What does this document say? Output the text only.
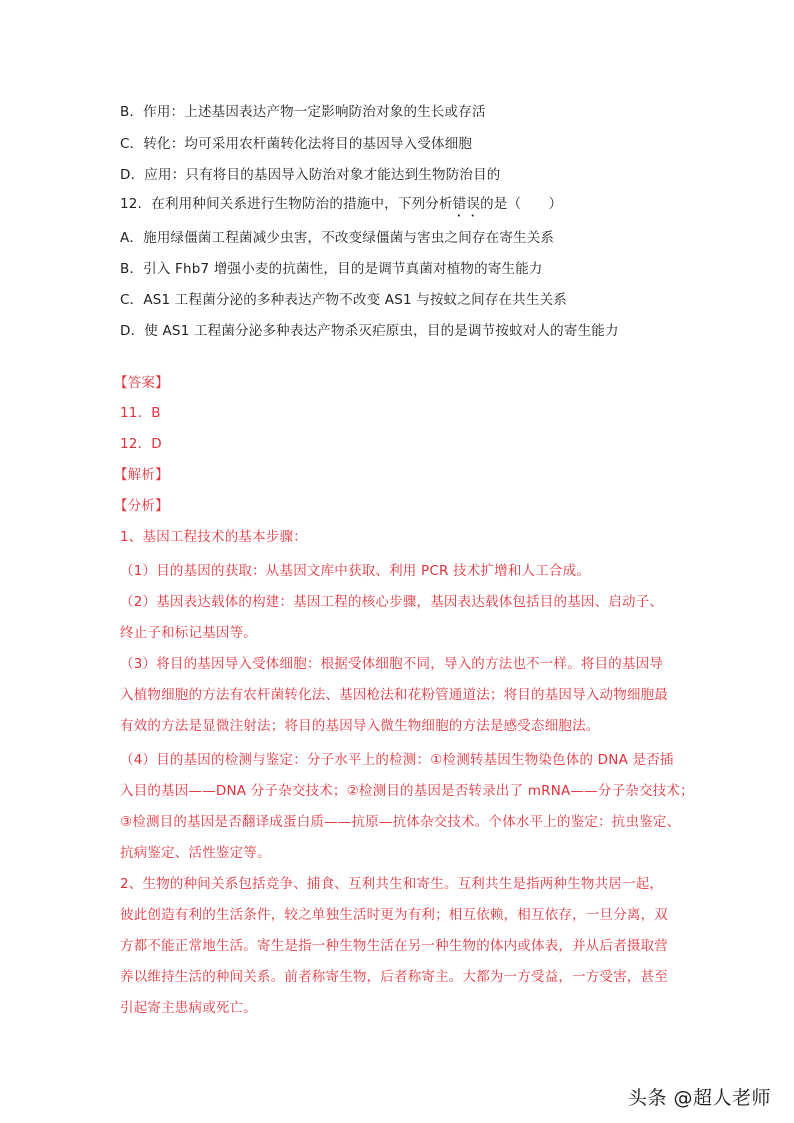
B．作用：上述基因表达产物一定影响防治对象的生长或存活
C．转化：均可采用农杆菌转化法将目的基因导入受体细胞
D．应用：只有将目的基因导入防治对象才能达到生物防治目的
12．在利用种间关系进行生物防治的措施中，下列分析错误的是（　　）
A．施用绿僵菌工程菌减少虫害，不改变绿僵菌与害虫之间存在寄生关系
B．引入 Fhb7 增强小麦的抗菌性，目的是调节真菌对植物的寄生能力
C．AS1 工程菌分泌的多种表达产物不改变 AS1 与按蚊之间存在共生关系
D．使 AS1 工程菌分泌多种表达产物杀灭疟原虫，目的是调节按蚊对人的寄生能力
【答案】
11．B
12．D
【解析】
【分析】
1、基因工程技术的基本步骤：
（1）目的基因的获取：从基因文库中获取、利用 PCR 技术扩增和人工合成。
（2）基因表达载体的构建：基因工程的核心步骤，基因表达载体包括目的基因、启动子、
终止子和标记基因等。
（3）将目的基因导入受体细胞：根据受体细胞不同，导入的方法也不一样。将目的基因导
入植物细胞的方法有农杆菌转化法、基因枪法和花粉管通道法；将目的基因导入动物细胞最
有效的方法是显微注射法；将目的基因导入微生物细胞的方法是感受态细胞法。
（4）目的基因的检测与鉴定：分子水平上的检测：①检测转基因生物染色体的 DNA 是否插
入目的基因——DNA 分子杂交技术；②检测目的基因是否转录出了 mRNA——分子杂交技术；
③检测目的基因是否翻译成蛋白质——抗原—抗体杂交技术。个体水平上的鉴定：抗虫鉴定、
抗病鉴定、活性鉴定等。
2、生物的种间关系包括竞争、捕食、互利共生和寄生。互利共生是指两种生物共居一起，
彼此创造有利的生活条件，较之单独生活时更为有利；相互依赖，相互依存，一旦分离，双
方都不能正常地生活。寄生是指一种生物生活在另一种生物的体内或体表，并从后者摄取营
养以维持生活的种间关系。前者称寄生物，后者称寄主。大都为一方受益，一方受害，甚至
引起寄主患病或死亡。
头条 @超人老师
